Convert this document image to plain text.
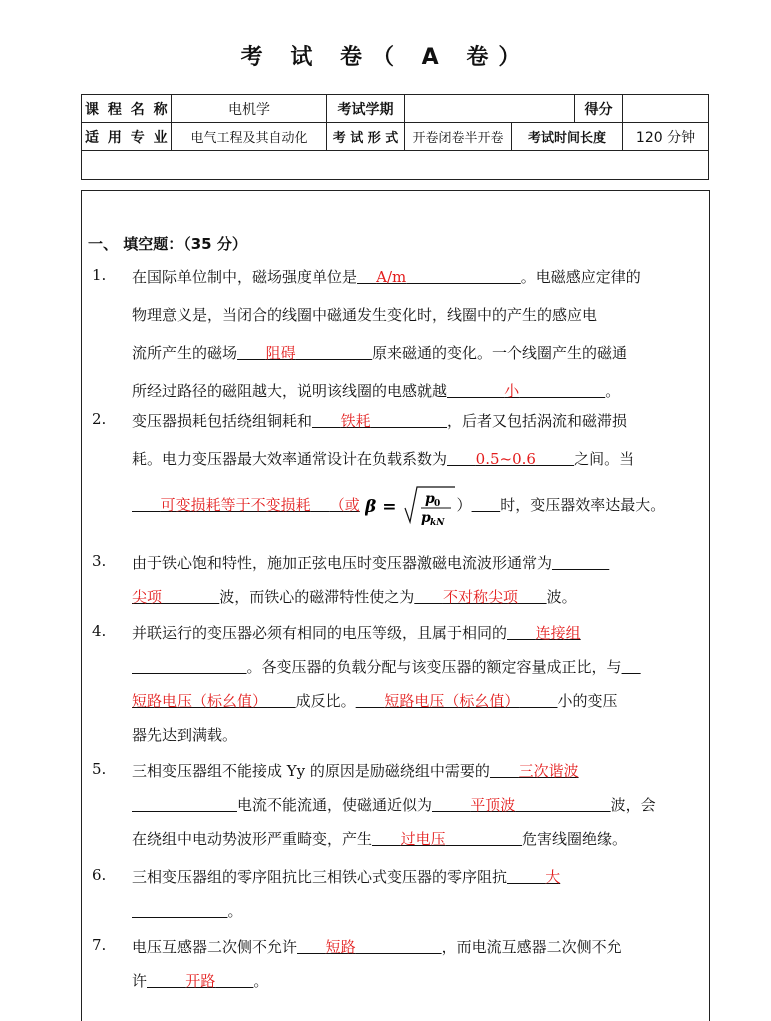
考 试 卷（ A 卷）
课 程 名 称	电机学	考试学期			得分	
适 用 专 业	电气工程及其自动化	考 试 形 式	开卷闭卷半开卷	考试时间长度		120 分钟

一、 填空题：（35 分）
1.	在国际单位制中，磁场强度单位是   A/m            	。电磁感应定律的
物理意义是，当闭合的线圈中磁通发生变化时，线圈中的产生的感应电
流所产生的磁场    阻碍        	原来磁通的变化。一个线圈产生的磁通
所经过路径的磁阻越大，说明该线圈的电感就越      	小         	。
2.	变压器损耗包括绕组铜耗和    铁耗        	，后者又包括涡流和磁滞损
耗。电力变压器最大效率通常设计在负载系数为    0.5~0.6    	之间。当
   可变损耗等于不变损耗   （或 β = p 0
p kN
）    时，变压器效率达最大。
3.	由于铁心饱和特性，施加正弦电压时变压器激磁电流波形通常为      
尖项      	波，而铁心的磁滞特性使之为    不对称尖项    波。
4.	并联运行的变压器必须有相同的电压等级，且属于相同的    连接组
            。各变压器的负载分配与该变压器的额定容量成正比，与  
短路电压（标幺值）    成反比。    短路电压（标幺值）    	小的变压
器先达到满载。
5.	三相变压器组不能接成 Yy 的原因是励磁绕组中需要的    三次谐波
           电流不能流通，使磁通近似为    	平顶波          	波，会
在绕组中电动势波形严重畸变，产生    过电压        	危害线圈绝缘。
6.	三相变压器组的零序阻抗比三相铁心式变压器的零序阻抗    	大
          。
7.	电压互感器二次侧不允许    短路         	，而电流互感器二次侧不允
许    	开路    	。
